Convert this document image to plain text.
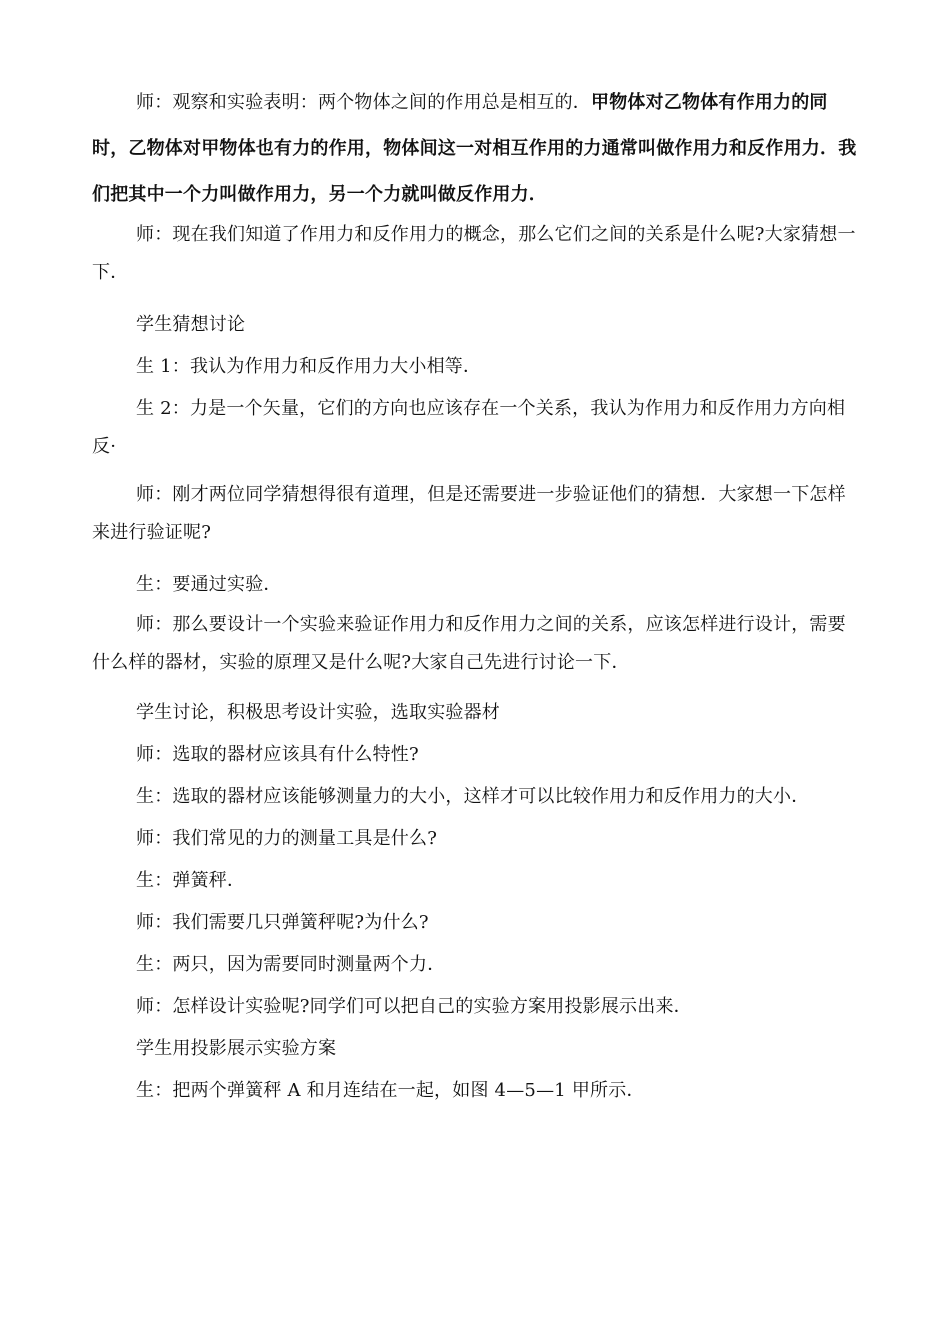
师：观察和实验表明：两个物体之间的作用总是相互的．甲物体对乙物体有作用力的同时，乙物体对甲物体也有力的作用，物体间这一对相互作用的力通常叫做作用力和反作用力．我们把其中一个力叫做作用力，另一个力就叫做反作用力．

师：现在我们知道了作用力和反作用力的概念，那么它们之间的关系是什么呢?大家猜想一下．

学生猜想讨论

生 1：我认为作用力和反作用力大小相等．

生 2：力是一个矢量，它们的方向也应该存在一个关系，我认为作用力和反作用力方向相反·

师：刚才两位同学猜想得很有道理，但是还需要进一步验证他们的猜想．大家想一下怎样来进行验证呢?

生：要通过实验．

师：那么要设计一个实验来验证作用力和反作用力之间的关系，应该怎样进行设计，需要什么样的器材，实验的原理又是什么呢?大家自己先进行讨论一下．

学生讨论，积极思考设计实验，选取实验器材

师：选取的器材应该具有什么特性?

生：选取的器材应该能够测量力的大小，这样才可以比较作用力和反作用力的大小．

师：我们常见的力的测量工具是什么?

生：弹簧秤．

师：我们需要几只弹簧秤呢?为什么?

生：两只，因为需要同时测量两个力．

师：怎样设计实验呢?同学们可以把自己的实验方案用投影展示出来．

学生用投影展示实验方案

生：把两个弹簧秤 A 和月连结在一起，如图 4—5—1 甲所示．
